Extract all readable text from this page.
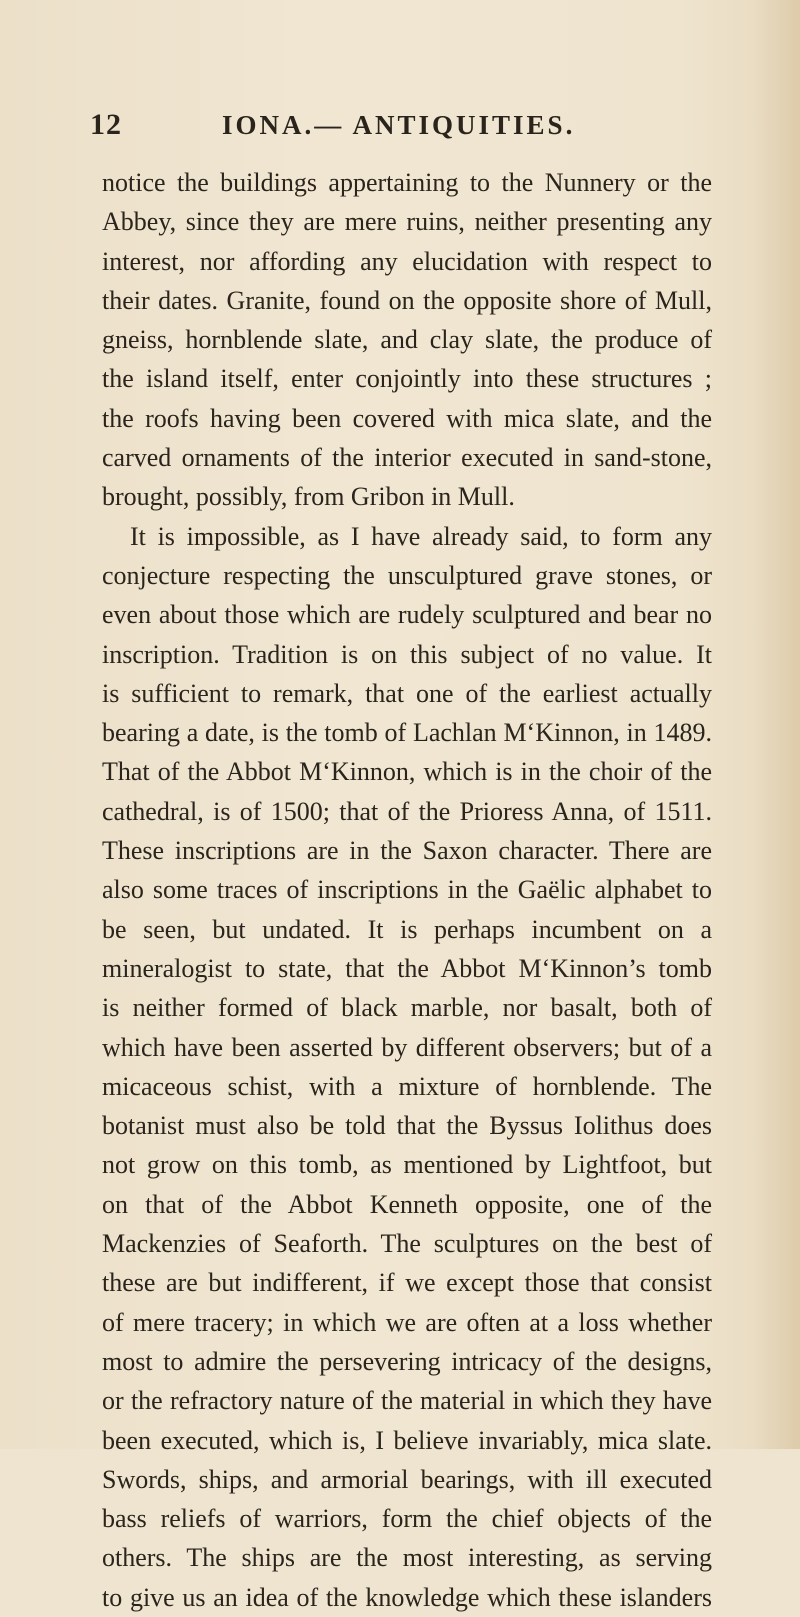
12	IONA.— ANTIQUITIES.
notice the buildings appertaining to the Nunnery or the
Abbey, since they are mere ruins, neither presenting any
interest, nor affording any elucidation with respect to
their dates. Granite, found on the opposite shore of Mull,
gneiss, hornblende slate, and clay slate, the produce of
the island itself, enter conjointly into these structures ;
the roofs having been covered with mica slate, and the
carved ornaments of the interior executed in sand-stone,
brought, possibly, from Gribon in Mull.
It is impossible, as I have already said, to form any
conjecture respecting the unsculptured grave stones, or
even about those which are rudely sculptured and bear no
inscription. Tradition is on this subject of no value. It
is sufficient to remark, that one of the earliest actually
bearing a date, is the tomb of Lachlan M‘Kinnon, in 1489.
That of the Abbot M‘Kinnon, which is in the choir of the
cathedral, is of 1500; that of the Prioress Anna, of 1511.
These inscriptions are in the Saxon character. There are
also some traces of inscriptions in the Gaëlic alphabet to
be seen, but undated. It is perhaps incumbent on a
mineralogist to state, that the Abbot M‘Kinnon’s tomb
is neither formed of black marble, nor basalt, both of
which have been asserted by different observers; but of a
micaceous schist, with a mixture of hornblende. The
botanist must also be told that the Byssus Iolithus does
not grow on this tomb, as mentioned by Lightfoot, but
on that of the Abbot Kenneth opposite, one of the
Mackenzies of Seaforth. The sculptures on the best of
these are but indifferent, if we except those that consist
of mere tracery; in which we are often at a loss whether
most to admire the persevering intricacy of the designs,
or the refractory nature of the material in which they have
been executed, which is, I believe invariably, mica slate.
Swords, ships, and armorial bearings, with ill executed
bass reliefs of warriors, form the chief objects of the
others. The ships are the most interesting, as serving
to give us an idea of the knowledge which these islanders
